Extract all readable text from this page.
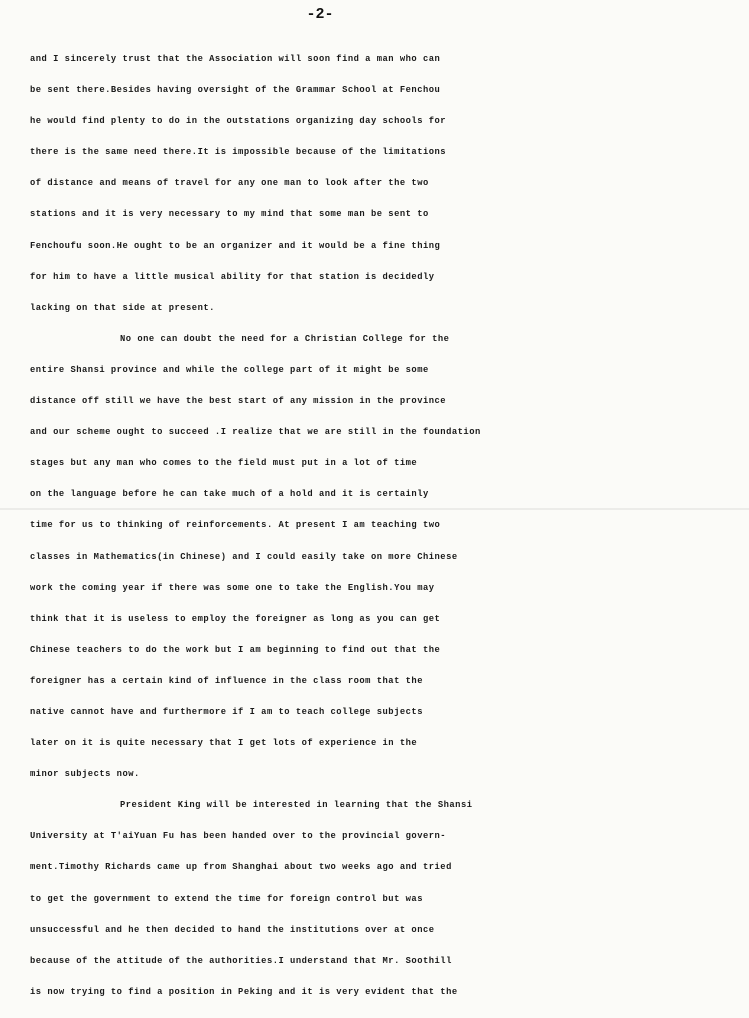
-2-
and I sincerely trust that the Association will soon find a man who can
be sent there.Besides having oversight of the Grammar School at Fenchou
he would find plenty to do in the outstations organizing day schools for
there is the same need there.It is impossible because of the limitations
of distance and means of travel for any one man to look after the two
stations and it is very necessary to my mind that some man be sent to
Fenchoufu soon.He ought to be an organizer and it would be a fine thing
for him to have a little musical ability for that station is decidedly
lacking on that side at present.
No one can doubt the need for a Christian College for the
entire Shansi province and while the college part of it might be some
distance off still we have the best start of any mission in the province
and our scheme ought to succeed .I realize that we are still in the foundation
stages but any man who comes to the field must put in a lot of time
on the language before he can take much of a hold and it is certainly
time for us to thinking of reinforcements. At present I am teaching two
classes in Mathematics(in Chinese) and I could easily take on more Chinese
work the coming year if there was some one to take the English.You may
think that it is useless to employ the foreigner as long as you can get
Chinese teachers to do the work but I am beginning to find out that the
foreigner has a certain kind of influence in the class room that the
native cannot have and furthermore if I am to teach college subjects
later on it is quite necessary that I get lots of experience in the
minor subjects now.
President King will be interested in learning that the Shansi
University at T'aiYuan Fu has been handed over to the provincial govern-
ment.Timothy Richards came up from Shanghai about two weeks ago and tried
to get the government to extend the time for foreign control but was
unsuccessful and he then decided to hand the institutions over at once
because of the attitude of the authorities.I understand that Mr. Soothill
is now trying to find a position in Peking and it is very evident that the
